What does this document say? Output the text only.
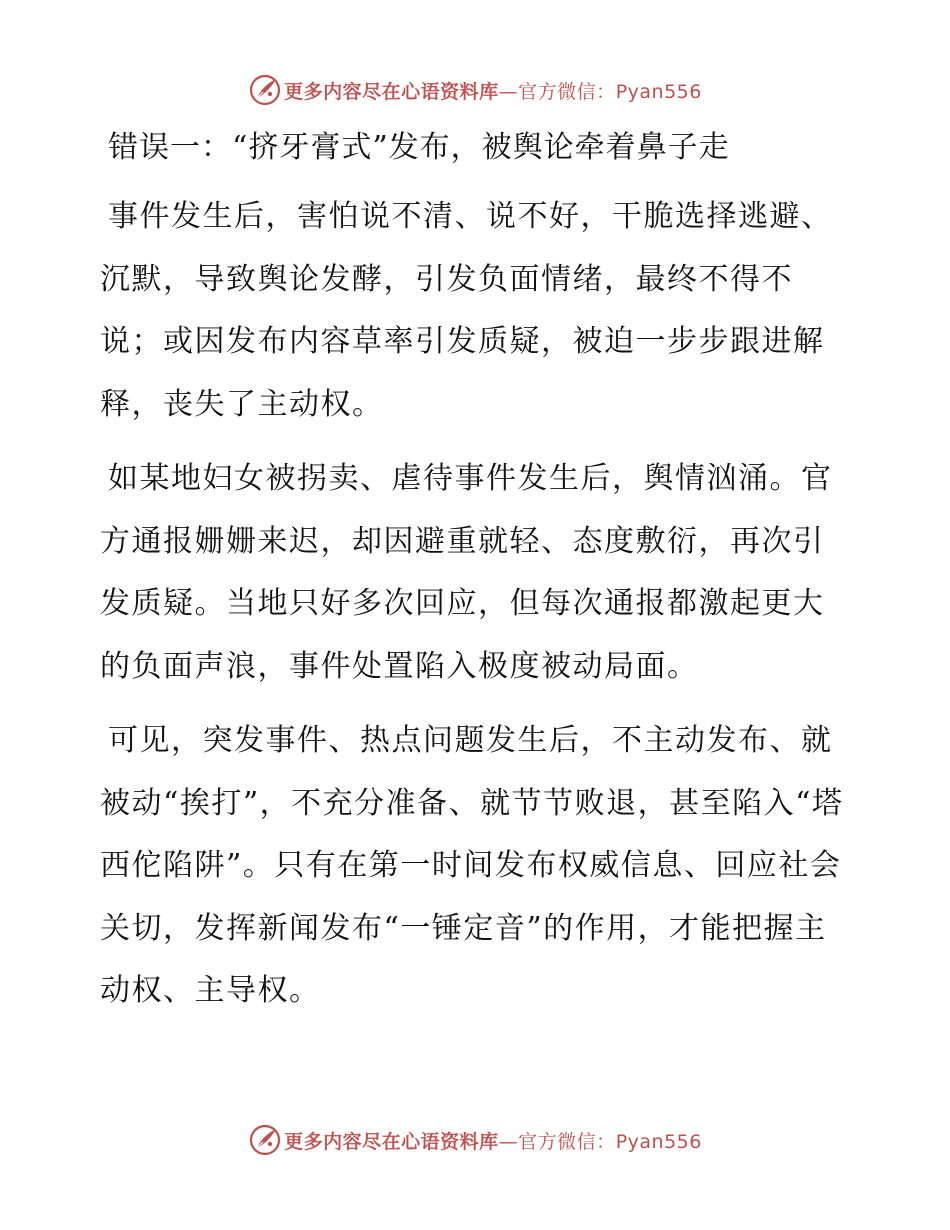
更多内容尽在心语资料库—官方微信：Pyan556
错误一：“挤牙膏式”发布，被舆论牵着鼻子走

事件发生后，害怕说不清、说不好，干脆选择逃避、沉默，导致舆论发酵，引发负面情绪，最终不得不说；或因发布内容草率引发质疑，被迫一步步跟进解释，丧失了主动权。

如某地妇女被拐卖、虐待事件发生后，舆情汹涌。官方通报姗姗来迟，却因避重就轻、态度敷衍，再次引发质疑。当地只好多次回应，但每次通报都激起更大的负面声浪，事件处置陷入极度被动局面。

可见，突发事件、热点问题发生后，不主动发布、就被动“挨打”，不充分准备、就节节败退，甚至陷入“塔西佗陷阱”。只有在第一时间发布权威信息、回应社会关切，发挥新闻发布“一锤定音”的作用，才能把握主动权、主导权。

更多内容尽在心语资料库—官方微信：Pyan556
